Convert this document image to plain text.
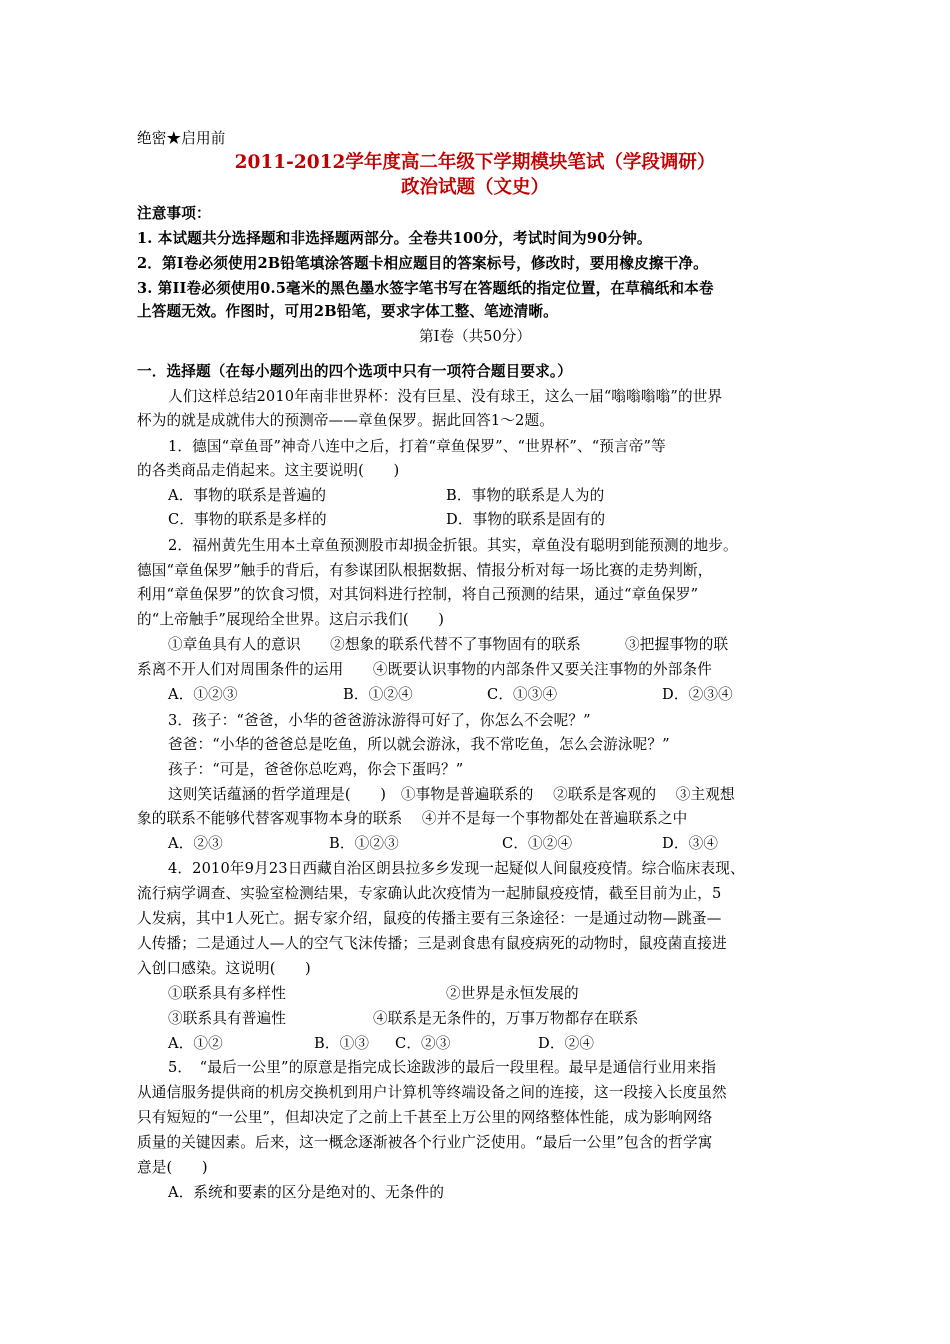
绝密★启用前
2011-2012学年度高二年级下学期模块笔试（学段调研）
政治试题（文史）
注意事项：
1. 本试题共分选择题和非选择题两部分。全卷共100分，考试时间为90分钟。
2．第Ⅰ卷必须使用2B铅笔填涂答题卡相应题目的答案标号，修改时，要用橡皮擦干净。
3. 第II卷必须使用0.5毫米的黑色墨水签字笔书写在答题纸的指定位置，在草稿纸和本卷
上答题无效。作图时，可用2B铅笔，要求字体工整、笔迹清晰。
第Ⅰ卷（共50分）
一．选择题（在每小题列出的四个选项中只有一项符合题目要求。）
人们这样总结2010年南非世界杯：没有巨星、没有球王，这么一届“嗡嗡嗡嗡”的世界
杯为的就是成就伟大的预测帝——章鱼保罗。据此回答1～2题。
1．德国“章鱼哥”神奇八连中之后，打着“章鱼保罗”、“世界杯”、“预言帝”等
的各类商品走俏起来。这主要说明(　　)
A．事物的联系是普遍的	B．事物的联系是人为的
C．事物的联系是多样的	D．事物的联系是固有的
2．福州黄先生用本土章鱼预测股市却损金折银。其实，章鱼没有聪明到能预测的地步。
德国“章鱼保罗”触手的背后，有参谋团队根据数据、情报分析对每一场比赛的走势判断，
利用“章鱼保罗”的饮食习惯，对其饲料进行控制，将自己预测的结果，通过“章鱼保罗”
的“上帝触手”展现给全世界。这启示我们(　　)
①章鱼具有人的意识　　②想象的联系代替不了事物固有的联系　　　③把握事物的联
系离不开人们对周围条件的运用　　④既要认识事物的内部条件又要关注事物的外部条件
A．①②③	B．①②④	C．①③④	D．②③④
3．孩子：“爸爸，小华的爸爸游泳游得可好了，你怎么不会呢？”
爸爸：“小华的爸爸总是吃鱼，所以就会游泳，我不常吃鱼，怎么会游泳呢？”
孩子：“可是，爸爸你总吃鸡，你会下蛋吗？”
这则笑话蕴涵的哲学道理是(　　)　①事物是普遍联系的　 ②联系是客观的　 ③主观想
象的联系不能够代替客观事物本身的联系　 ④并不是每一个事物都处在普遍联系之中
A．②③	B．①②③	C．①②④	D．③④
4．2010年9月23日西藏自治区朗县拉多乡发现一起疑似人间鼠疫疫情。综合临床表现、
流行病学调查、实验室检测结果，专家确认此次疫情为一起肺鼠疫疫情，截至目前为止，5
人发病，其中1人死亡。据专家介绍，鼠疫的传播主要有三条途径：一是通过动物—跳蚤—
人传播；二是通过人—人的空气飞沫传播；三是剥食患有鼠疫病死的动物时，鼠疫菌直接进
入创口感染。这说明(　　)
①联系具有多样性	②世界是永恒发展的
③联系具有普遍性	④联系是无条件的，万事万物都存在联系
A．①②	B．①③	C．②③	D．②④
5．　“最后一公里”的原意是指完成长途跋涉的最后一段里程。最早是通信行业用来指
从通信服务提供商的机房交换机到用户计算机等终端设备之间的连接，这一段接入长度虽然
只有短短的“一公里”，但却决定了之前上千甚至上万公里的网络整体性能，成为影响网络
质量的关键因素。后来，这一概念逐渐被各个行业广泛使用。“最后一公里”包含的哲学寓
意是(　　)
A．系统和要素的区分是绝对的、无条件的
